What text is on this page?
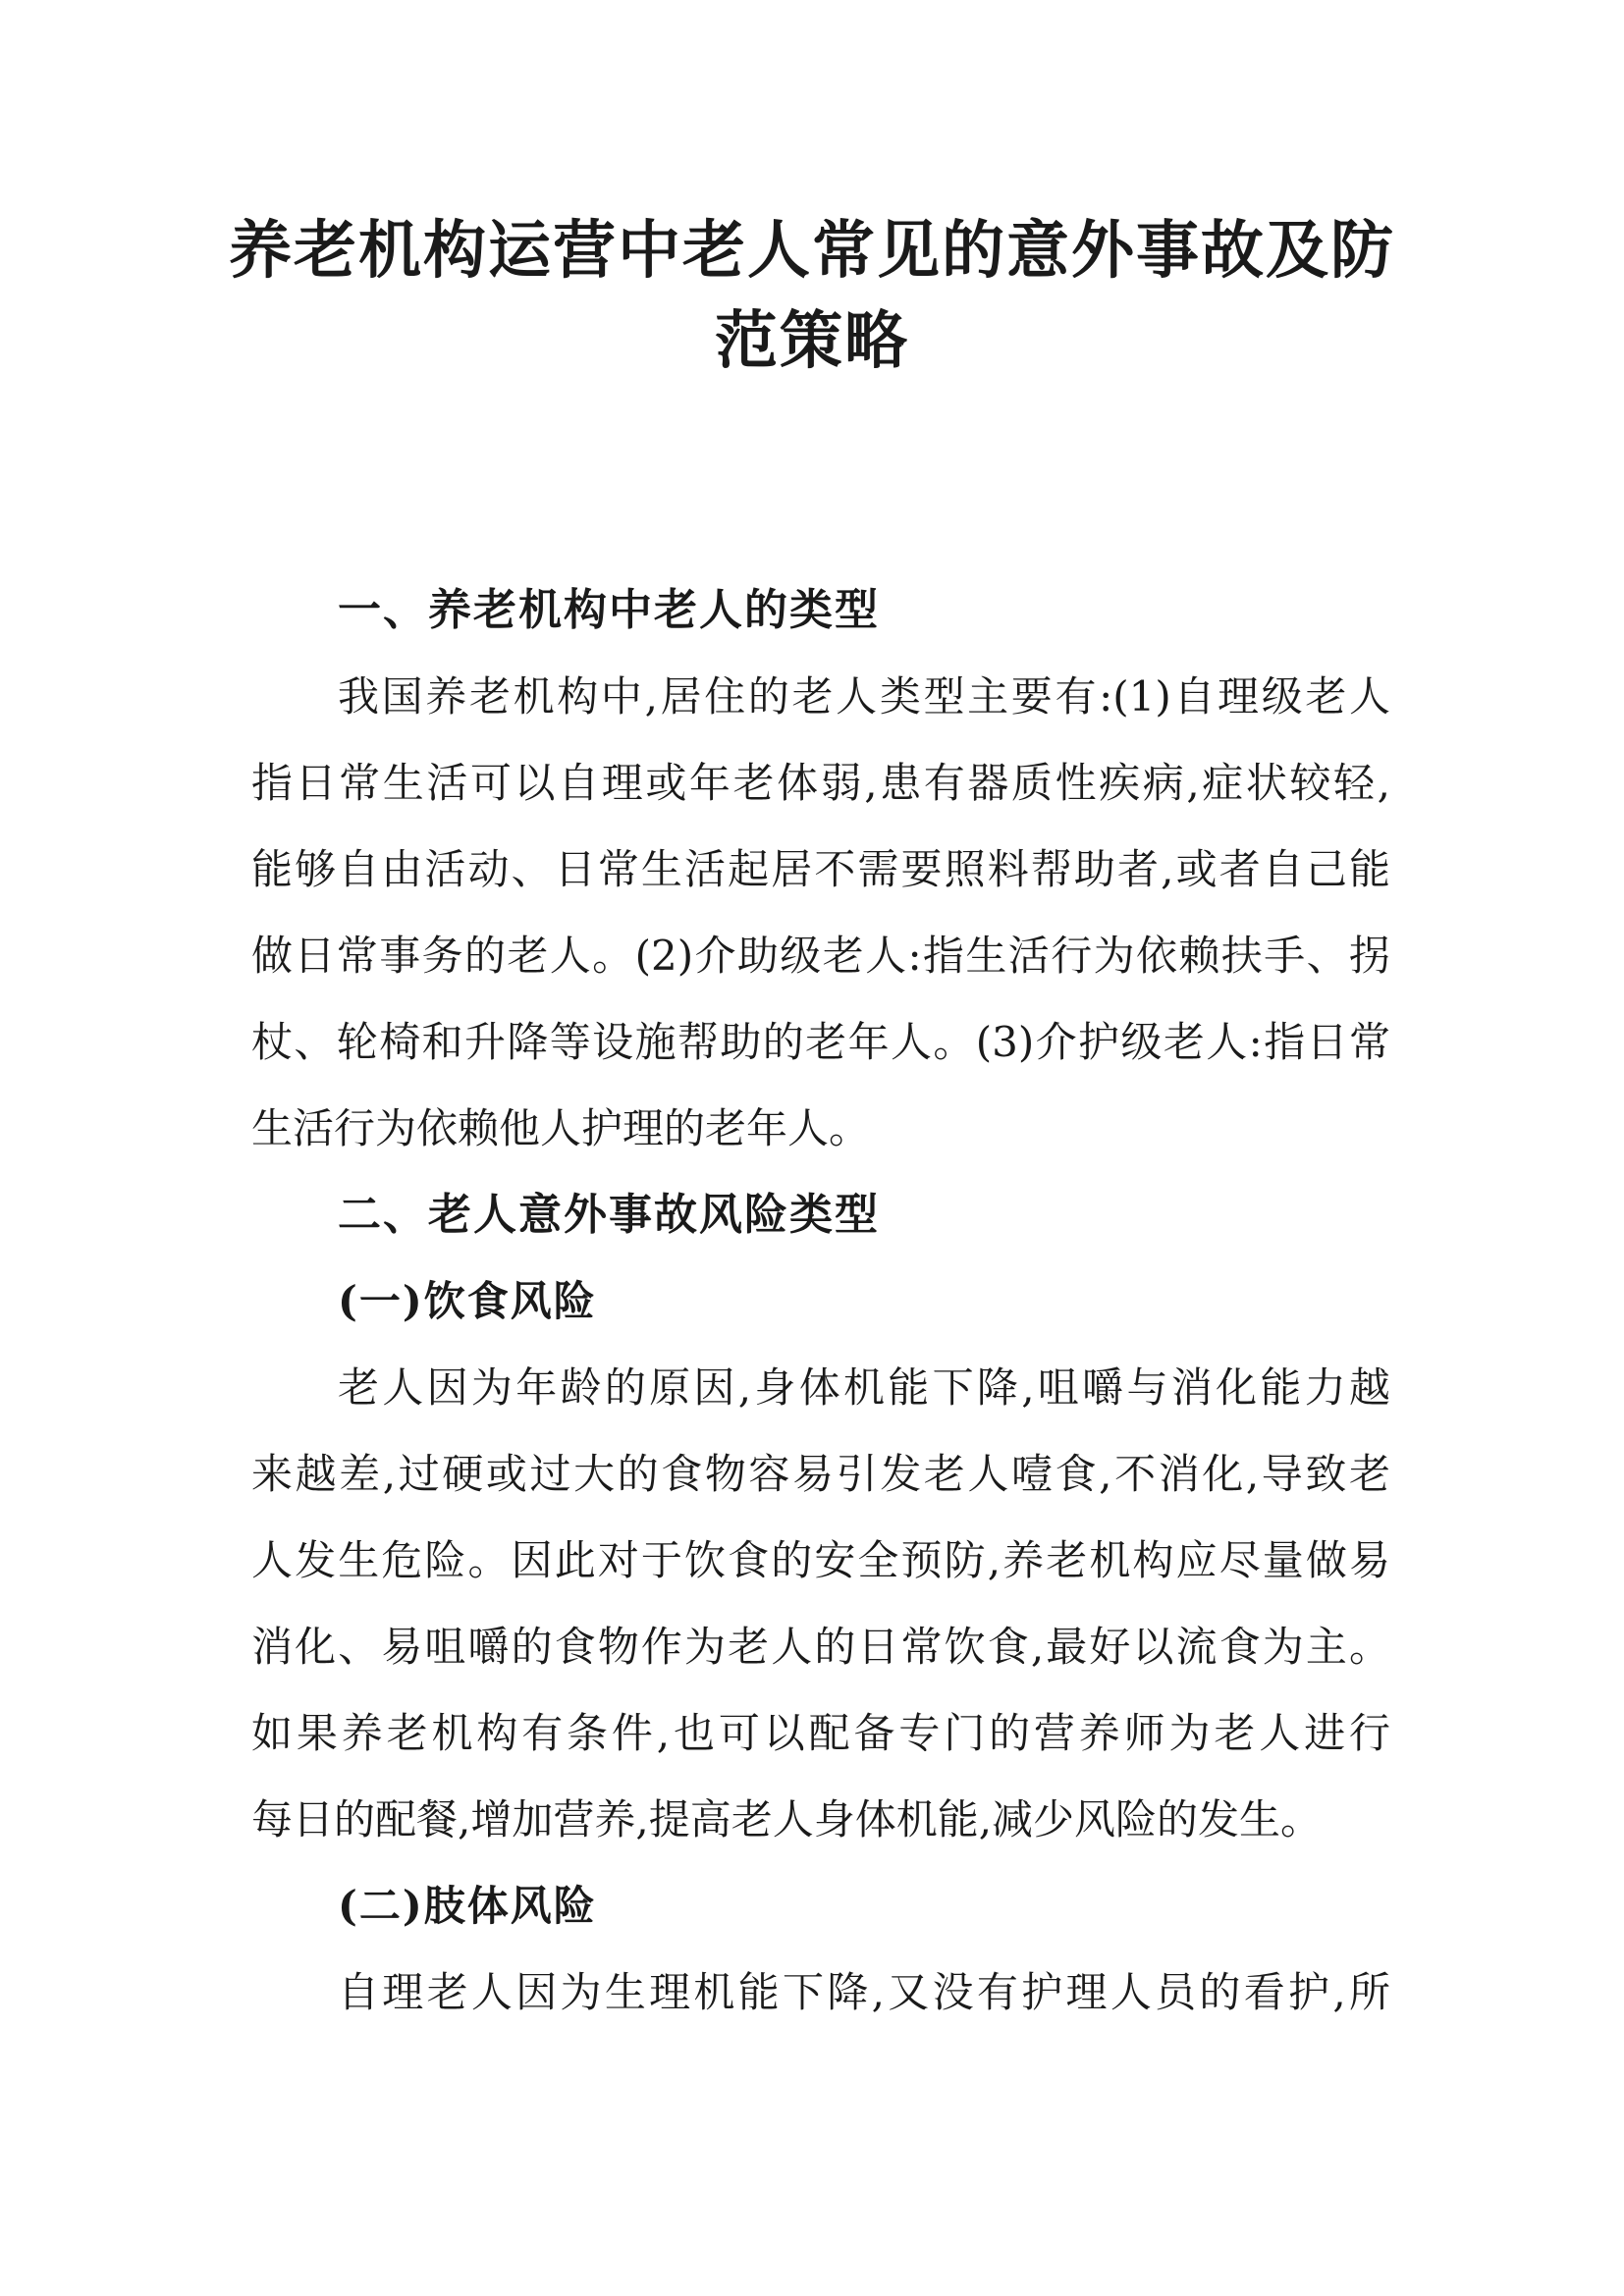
养老机构运营中老人常见的意外事故及防
范策略
一、养老机构中老人的类型

我国养老机构中,居住的老人类型主要有:(1)自理级老人
指日常生活可以自理或年老体弱,患有器质性疾病,症状较轻,
能够自由活动、日常生活起居不需要照料帮助者,或者自己能
做日常事务的老人。(2)介助级老人:指生活行为依赖扶手、拐
杖、轮椅和升降等设施帮助的老年人。(3)介护级老人:指日常
生活行为依赖他人护理的老年人。

二、老人意外事故风险类型
(一)饮食风险

老人因为年龄的原因,身体机能下降,咀嚼与消化能力越
来越差,过硬或过大的食物容易引发老人噎食,不消化,导致老
人发生危险。因此对于饮食的安全预防,养老机构应尽量做易
消化、易咀嚼的食物作为老人的日常饮食,最好以流食为主。
如果养老机构有条件,也可以配备专门的营养师为老人进行
每日的配餐,增加营养,提高老人身体机能,减少风险的发生。

(二)肢体风险

自理老人因为生理机能下降,又没有护理人员的看护,所
